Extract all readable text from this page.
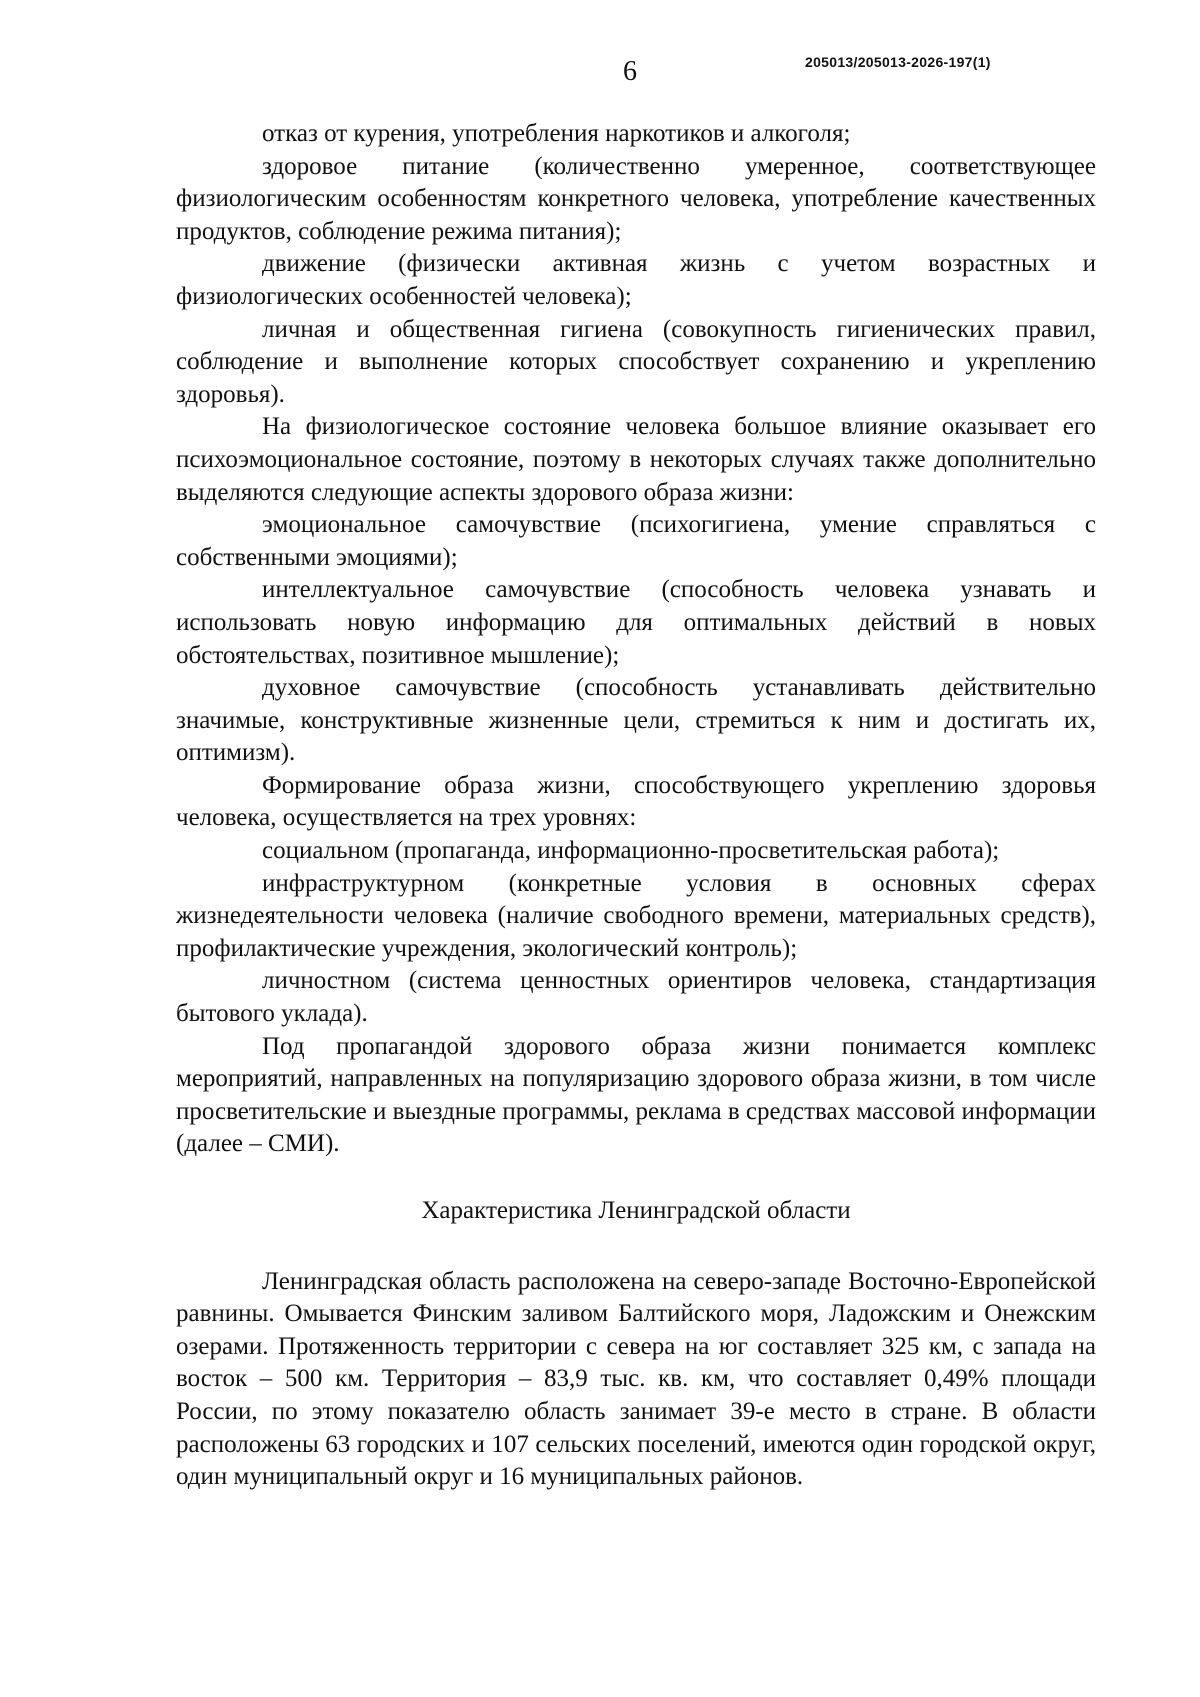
6	205013/205013-2026-197(1)

отказ от курения, употребления наркотиков и алкоголя;

здоровое питание (количественно умеренное, соответствующее физиологическим особенностям конкретного человека, употребление качественных продуктов, соблюдение режима питания);

движение (физически активная жизнь с учетом возрастных и физиологических особенностей человека);

личная и общественная гигиена (совокупность гигиенических правил, соблюдение и выполнение которых способствует сохранению и укреплению здоровья).

На физиологическое состояние человека большое влияние оказывает его психоэмоциональное состояние, поэтому в некоторых случаях также дополнительно выделяются следующие аспекты здорового образа жизни:

эмоциональное самочувствие (психогигиена, умение справляться с собственными эмоциями);

интеллектуальное самочувствие (способность человека узнавать и использовать новую информацию для оптимальных действий в новых обстоятельствах, позитивное мышление);

духовное самочувствие (способность устанавливать действительно значимые, конструктивные жизненные цели, стремиться к ним и достигать их, оптимизм).

Формирование образа жизни, способствующего укреплению здоровья человека, осуществляется на трех уровнях:

социальном (пропаганда, информационно-просветительская работа);

инфраструктурном (конкретные условия в основных сферах жизнедеятельности человека (наличие свободного времени, материальных средств), профилактические учреждения, экологический контроль);

личностном (система ценностных ориентиров человека, стандартизация бытового уклада).

Под пропагандой здорового образа жизни понимается комплекс мероприятий, направленных на популяризацию здорового образа жизни, в том числе просветительские и выездные программы, реклама в средствах массовой информации (далее – СМИ).

Характеристика Ленинградской области

Ленинградская область расположена на северо-западе Восточно-Европейской равнины. Омывается Финским заливом Балтийского моря, Ладожским и Онежским озерами. Протяженность территории с севера на юг составляет 325 км, с запада на восток – 500 км. Территория – 83,9 тыс. кв. км, что составляет 0,49% площади России, по этому показателю область занимает 39-е место в стране. В области расположены 63 городских и 107 сельских поселений, имеются один городской округ, один муниципальный округ и 16 муниципальных районов.
